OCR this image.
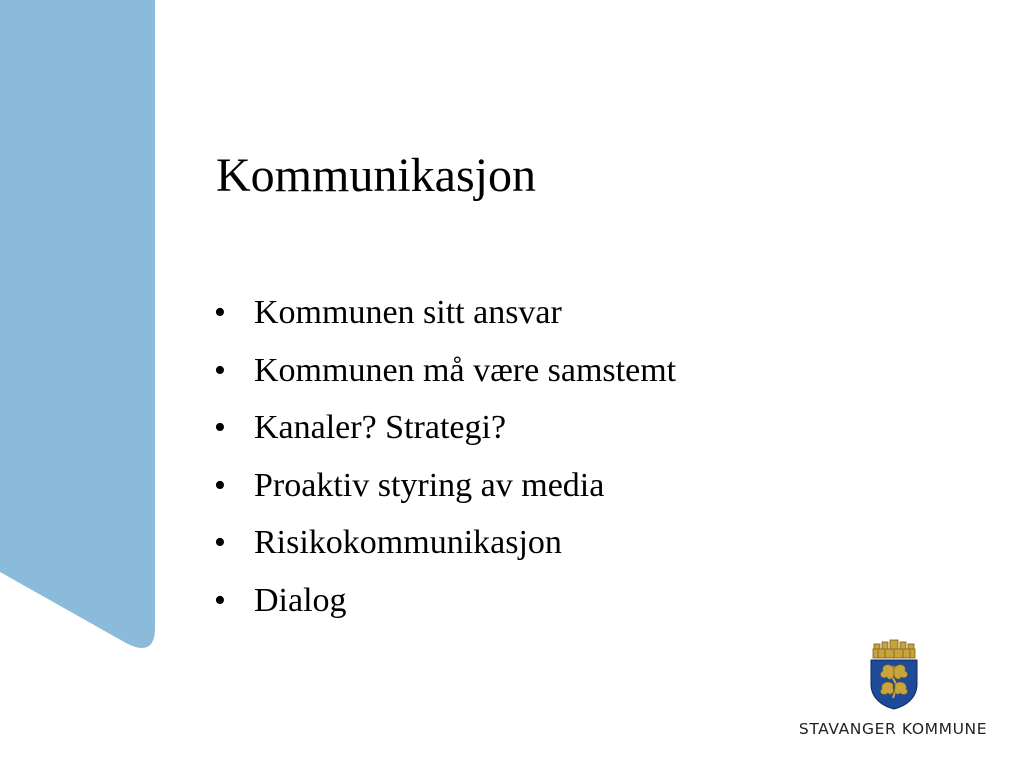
Kommunikasjon
• Kommunen sitt ansvar
• Kommunen må være samstemt
• Kanaler? Strategi?
• Proaktiv styring av media
• Risikokommunikasjon
• Dialog
STAVANGER KOMMUNE
